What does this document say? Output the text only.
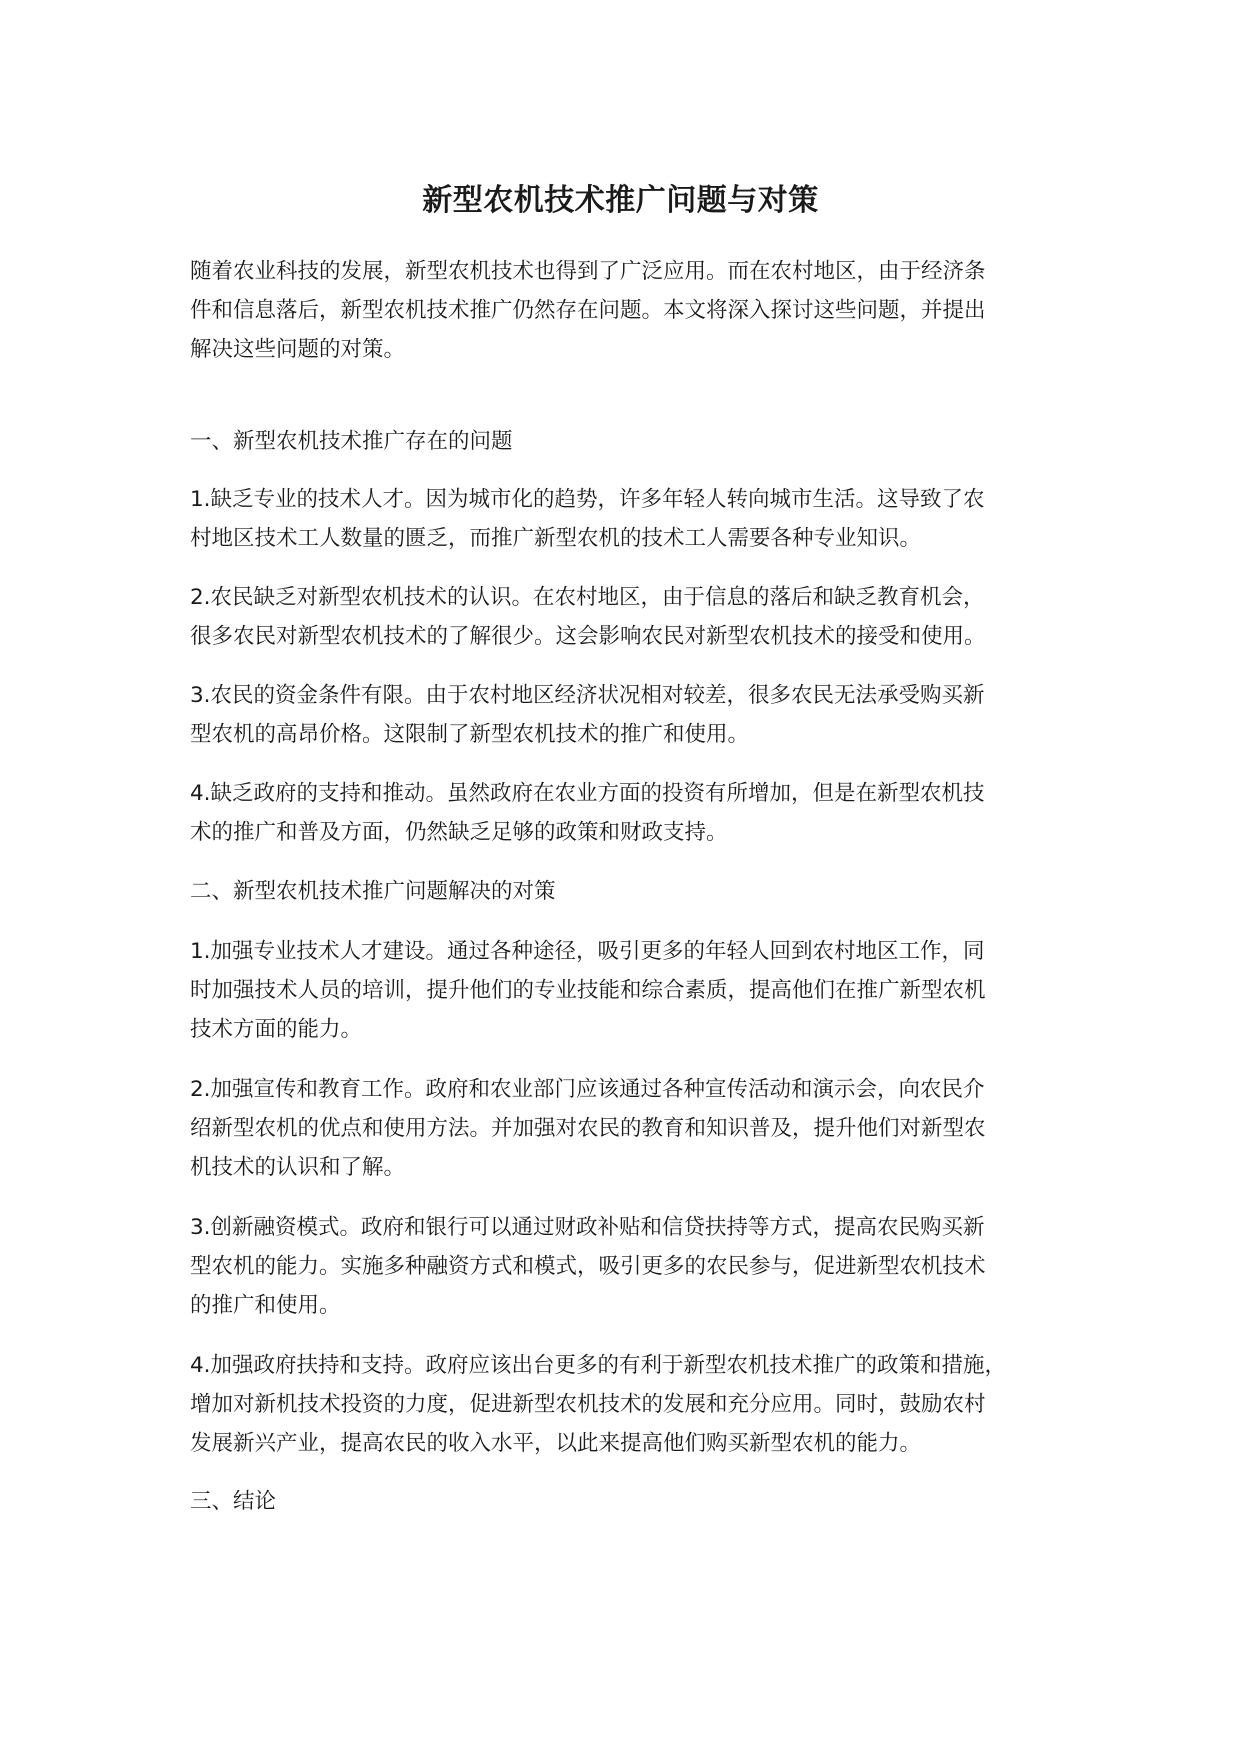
新型农机技术推广问题与对策
随着农业科技的发展，新型农机技术也得到了广泛应用。而在农村地区，由于经济条
件和信息落后，新型农机技术推广仍然存在问题。本文将深入探讨这些问题，并提出
解决这些问题的对策。
一、新型农机技术推广存在的问题
1.缺乏专业的技术人才。因为城市化的趋势，许多年轻人转向城市生活。这导致了农
村地区技术工人数量的匮乏，而推广新型农机的技术工人需要各种专业知识。
2.农民缺乏对新型农机技术的认识。在农村地区，由于信息的落后和缺乏教育机会，
很多农民对新型农机技术的了解很少。这会影响农民对新型农机技术的接受和使用。
3.农民的资金条件有限。由于农村地区经济状况相对较差，很多农民无法承受购买新
型农机的高昂价格。这限制了新型农机技术的推广和使用。
4.缺乏政府的支持和推动。虽然政府在农业方面的投资有所增加，但是在新型农机技
术的推广和普及方面，仍然缺乏足够的政策和财政支持。
二、新型农机技术推广问题解决的对策
1.加强专业技术人才建设。通过各种途径，吸引更多的年轻人回到农村地区工作，同
时加强技术人员的培训，提升他们的专业技能和综合素质，提高他们在推广新型农机
技术方面的能力。
2.加强宣传和教育工作。政府和农业部门应该通过各种宣传活动和演示会，向农民介
绍新型农机的优点和使用方法。并加强对农民的教育和知识普及，提升他们对新型农
机技术的认识和了解。
3.创新融资模式。政府和银行可以通过财政补贴和信贷扶持等方式，提高农民购买新
型农机的能力。实施多种融资方式和模式，吸引更多的农民参与，促进新型农机技术
的推广和使用。
4.加强政府扶持和支持。政府应该出台更多的有利于新型农机技术推广的政策和措施，
增加对新机技术投资的力度，促进新型农机技术的发展和充分应用。同时，鼓励农村
发展新兴产业，提高农民的收入水平，以此来提高他们购买新型农机的能力。
三、结论
